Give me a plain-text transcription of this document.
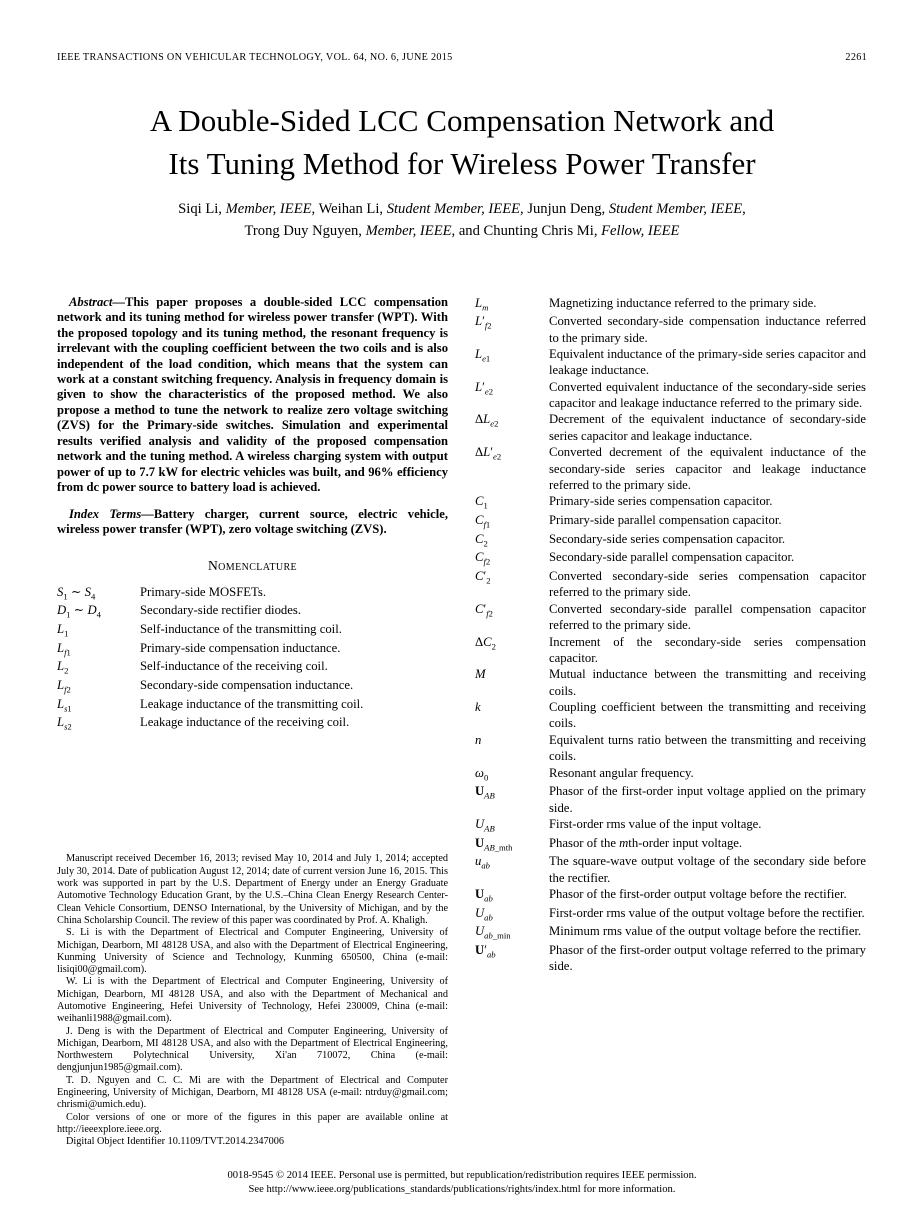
IEEE TRANSACTIONS ON VEHICULAR TECHNOLOGY, VOL. 64, NO. 6, JUNE 2015	2261
A Double-Sided LCC Compensation Network and
Its Tuning Method for Wireless Power Transfer
Siqi Li, Member, IEEE, Weihan Li, Student Member, IEEE, Junjun Deng, Student Member, IEEE,
Trong Duy Nguyen, Member, IEEE, and Chunting Chris Mi, Fellow, IEEE

Abstract—This paper proposes a double-sided LCC compensation network and its tuning method for wireless power transfer (WPT). With the proposed topology and its tuning method, the resonant frequency is irrelevant with the coupling coefficient between the two coils and is also independent of the load condition, which means that the system can work at a constant switching frequency. Analysis in frequency domain is given to show the characteristics of the proposed method. We also propose a method to tune the network to realize zero voltage switching (ZVS) for the Primary-side switches. Simulation and experimental results verified analysis and validity of the proposed compensation network and the tuning method. A wireless charging system with output power of up to 7.7 kW for electric vehicles was built, and 96% efficiency from dc power source to battery load is achieved.

Index Terms—Battery charger, current source, electric vehicle, wireless power transfer (WPT), zero voltage switching (ZVS).

Nomenclature
$S_1$ ∼ $S_4$	Primary-side MOSFETs.
$D_1$ ∼ $D_4$	Secondary-side rectifier diodes.
$L_1$	Self-inductance of the transmitting coil.
$L_{f1}$	Primary-side compensation inductance.
$L_2$	Self-inductance of the receiving coil.
$L_{f2}$	Secondary-side compensation inductance.
$L_{s1}$	Leakage inductance of the transmitting coil.
$L_{s2}$	Leakage inductance of the receiving coil.

Manuscript received December 16, 2013; revised May 10, 2014 and July 1, 2014; accepted July 30, 2014. Date of publication August 12, 2014; date of current version June 16, 2015. This work was supported in part by the U.S. Department of Energy under an Energy Graduate Automotive Technology Education Grant, by the U.S.–China Clean Energy Research Center-Clean Vehicle Consortium, DENSO International, by the University of Michigan, and by the China Scholarship Council. The review of this paper was coordinated by Prof. A. Khaligh.

S. Li is with the Department of Electrical and Computer Engineering, University of Michigan, Dearborn, MI 48128 USA, and also with the Department of Electrical Engineering, Kunming University of Science and Technology, Kunming 650500, China (e-mail: lisiqi00@gmail.com).

W. Li is with the Department of Electrical and Computer Engineering, University of Michigan, Dearborn, MI 48128 USA, and also with the Department of Mechanical and Automotive Engineering, Hefei University of Technology, Hefei 230009, China (e-mail: weihanli1988@gmail.com).

J. Deng is with the Department of Electrical and Computer Engineering, University of Michigan, Dearborn, MI 48128 USA, and also with the Department of Electrical Engineering, Northwestern Polytechnical University, Xi'an 710072, China (e-mail: dengjunjun1985@gmail.com).

T. D. Nguyen and C. C. Mi are with the Department of Electrical and Computer Engineering, University of Michigan, Dearborn, MI 48128 USA (e-mail: ntrduy@gmail.com; chrismi@umich.edu).

Color versions of one or more of the figures in this paper are available online at http://ieeexplore.ieee.org.

Digital Object Identifier 10.1109/TVT.2014.2347006

$L_m$	Magnetizing inductance referred to the primary side.
$L'_{f2}$	Converted secondary-side compensation inductance referred to the primary side.
$L_{e1}$	Equivalent inductance of the primary-side series capacitor and leakage inductance.
$L'_{e2}$	Converted equivalent inductance of the secondary-side series capacitor and leakage inductance referred to the primary side.
$\Delta L_{e2}$	Decrement of the equivalent inductance of secondary-side series capacitor and leakage inductance.
$\Delta L'_{e2}$	Converted decrement of the equivalent inductance of the secondary-side series capacitor and leakage inductance referred to the primary side.
$C_1$	Primary-side series compensation capacitor.
$C_{f1}$	Primary-side parallel compensation capacitor.
$C_2$	Secondary-side series compensation capacitor.
$C_{f2}$	Secondary-side parallel compensation capacitor.
$C'_2$	Converted secondary-side series compensation capacitor referred to the primary side.
$C'_{f2}$	Converted secondary-side parallel compensation capacitor referred to the primary side.
$\Delta C_2$	Increment of the secondary-side series compensation capacitor.
M	Mutual inductance between the transmitting and receiving coils.
k	Coupling coefficient between the transmitting and receiving coils.
n	Equivalent turns ratio between the transmitting and receiving coils.
$\omega_0$	Resonant angular frequency.
$U_{AB}$	Phasor of the first-order input voltage applied on the primary side.
$U_{AB}$	First-order rms value of the input voltage.
$U_{AB\_mth}$	Phasor of the mth-order input voltage.
$u_{ab}$	The square-wave output voltage of the secondary side before the rectifier.
$U_{ab}$	Phasor of the first-order output voltage before the rectifier.
$U_{ab}$	First-order rms value of the output voltage before the rectifier.
$U_{ab\_min}$	Minimum rms value of the output voltage before the rectifier.
$U'_{ab}$	Phasor of the first-order output voltage referred to the primary side.
0018-9545 © 2014 IEEE. Personal use is permitted, but republication/redistribution requires IEEE permission.
See http://www.ieee.org/publications_standards/publications/rights/index.html for more information.
